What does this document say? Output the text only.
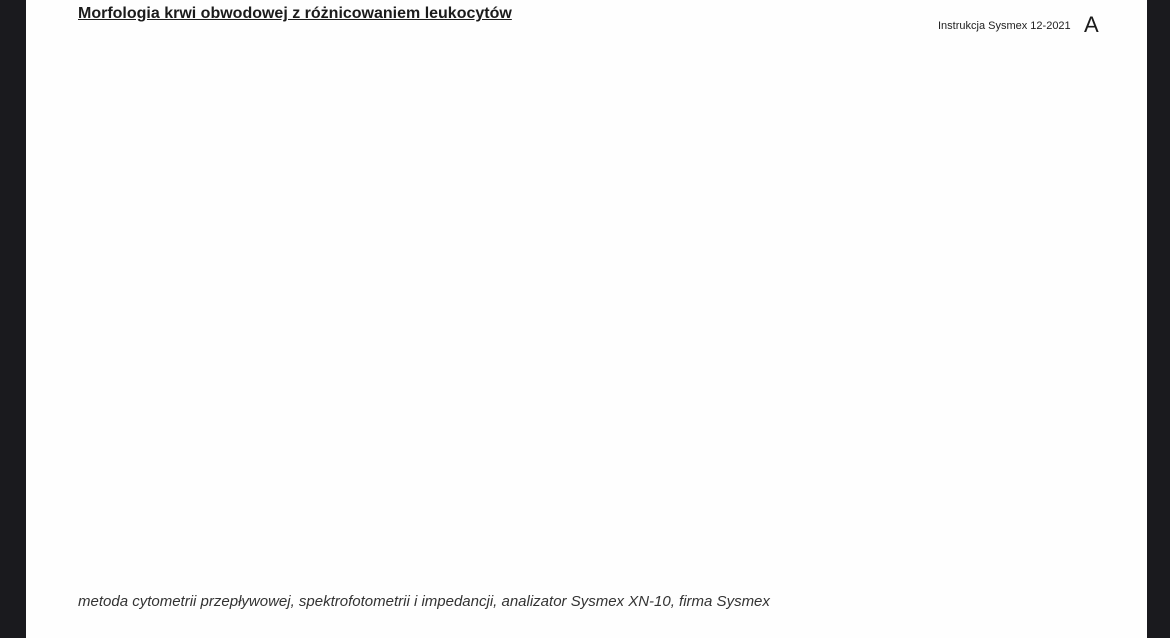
Morfologia krwi obwodowej z różnicowaniem leukocytów
Instrukcja Sysmex 12-2021 A
metoda cytometrii przepływowej, spektrofotometrii i impedancji, analizator Sysmex XN-10, firma Sysmex
